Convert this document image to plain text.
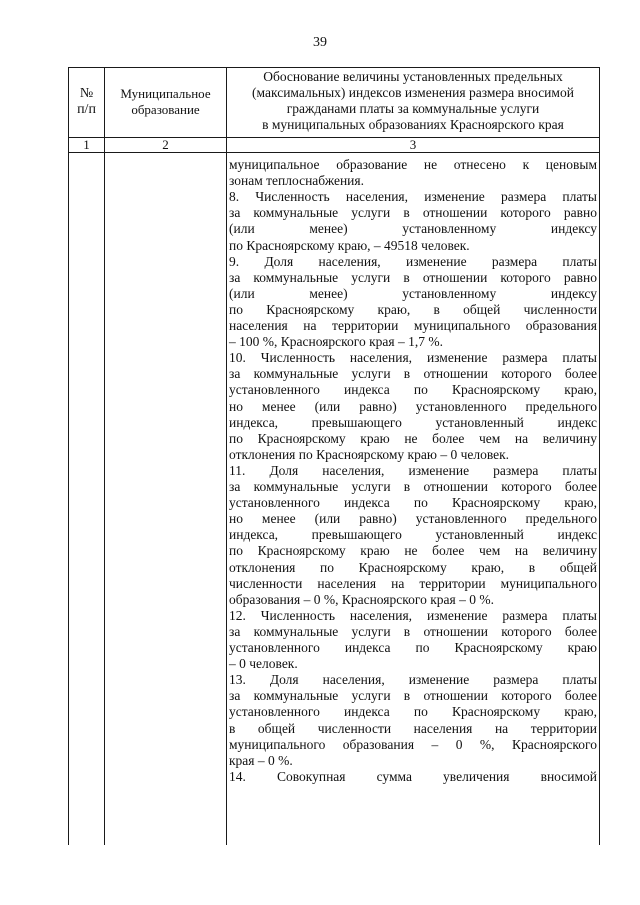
39
№
п/п
Муниципальное
образование
Обоснование величины установленных предельных
(максимальных) индексов изменения размера вносимой
гражданами платы за коммунальные услуги
в муниципальных образованиях Красноярского края
1	2	3
муниципальное образование не отнесено к ценовым
зонам теплоснабжения.
8. Численность населения, изменение размера платы
за коммунальные услуги в отношении которого равно
(или менее) установленному индексу
по Красноярскому краю, – 49518 человек.
9. Доля населения, изменение размера платы
за коммунальные услуги в отношении которого равно
(или менее) установленному индексу
по Красноярскому краю, в общей численности
населения на территории муниципального образования
– 100 %, Красноярского края – 1,7 %.
10. Численность населения, изменение размера платы
за коммунальные услуги в отношении которого более
установленного индекса по Красноярскому краю,
но менее (или равно) установленного предельного
индекса, превышающего установленный индекс
по Красноярскому краю не более чем на величину
отклонения по Красноярскому краю – 0 человек.
11. Доля населения, изменение размера платы
за коммунальные услуги в отношении которого более
установленного индекса по Красноярскому краю,
но менее (или равно) установленного предельного
индекса, превышающего установленный индекс
по Красноярскому краю не более чем на величину
отклонения по Красноярскому краю, в общей
численности населения на территории муниципального
образования – 0 %, Красноярского края – 0 %.
12. Численность населения, изменение размера платы
за коммунальные услуги в отношении которого более
установленного индекса по Красноярскому краю
– 0 человек.
13. Доля населения, изменение размера платы
за коммунальные услуги в отношении которого более
установленного индекса по Красноярскому краю,
в общей численности населения на территории
муниципального образования – 0 %, Красноярского
края – 0 %.
14. Совокупная сумма увеличения вносимой
